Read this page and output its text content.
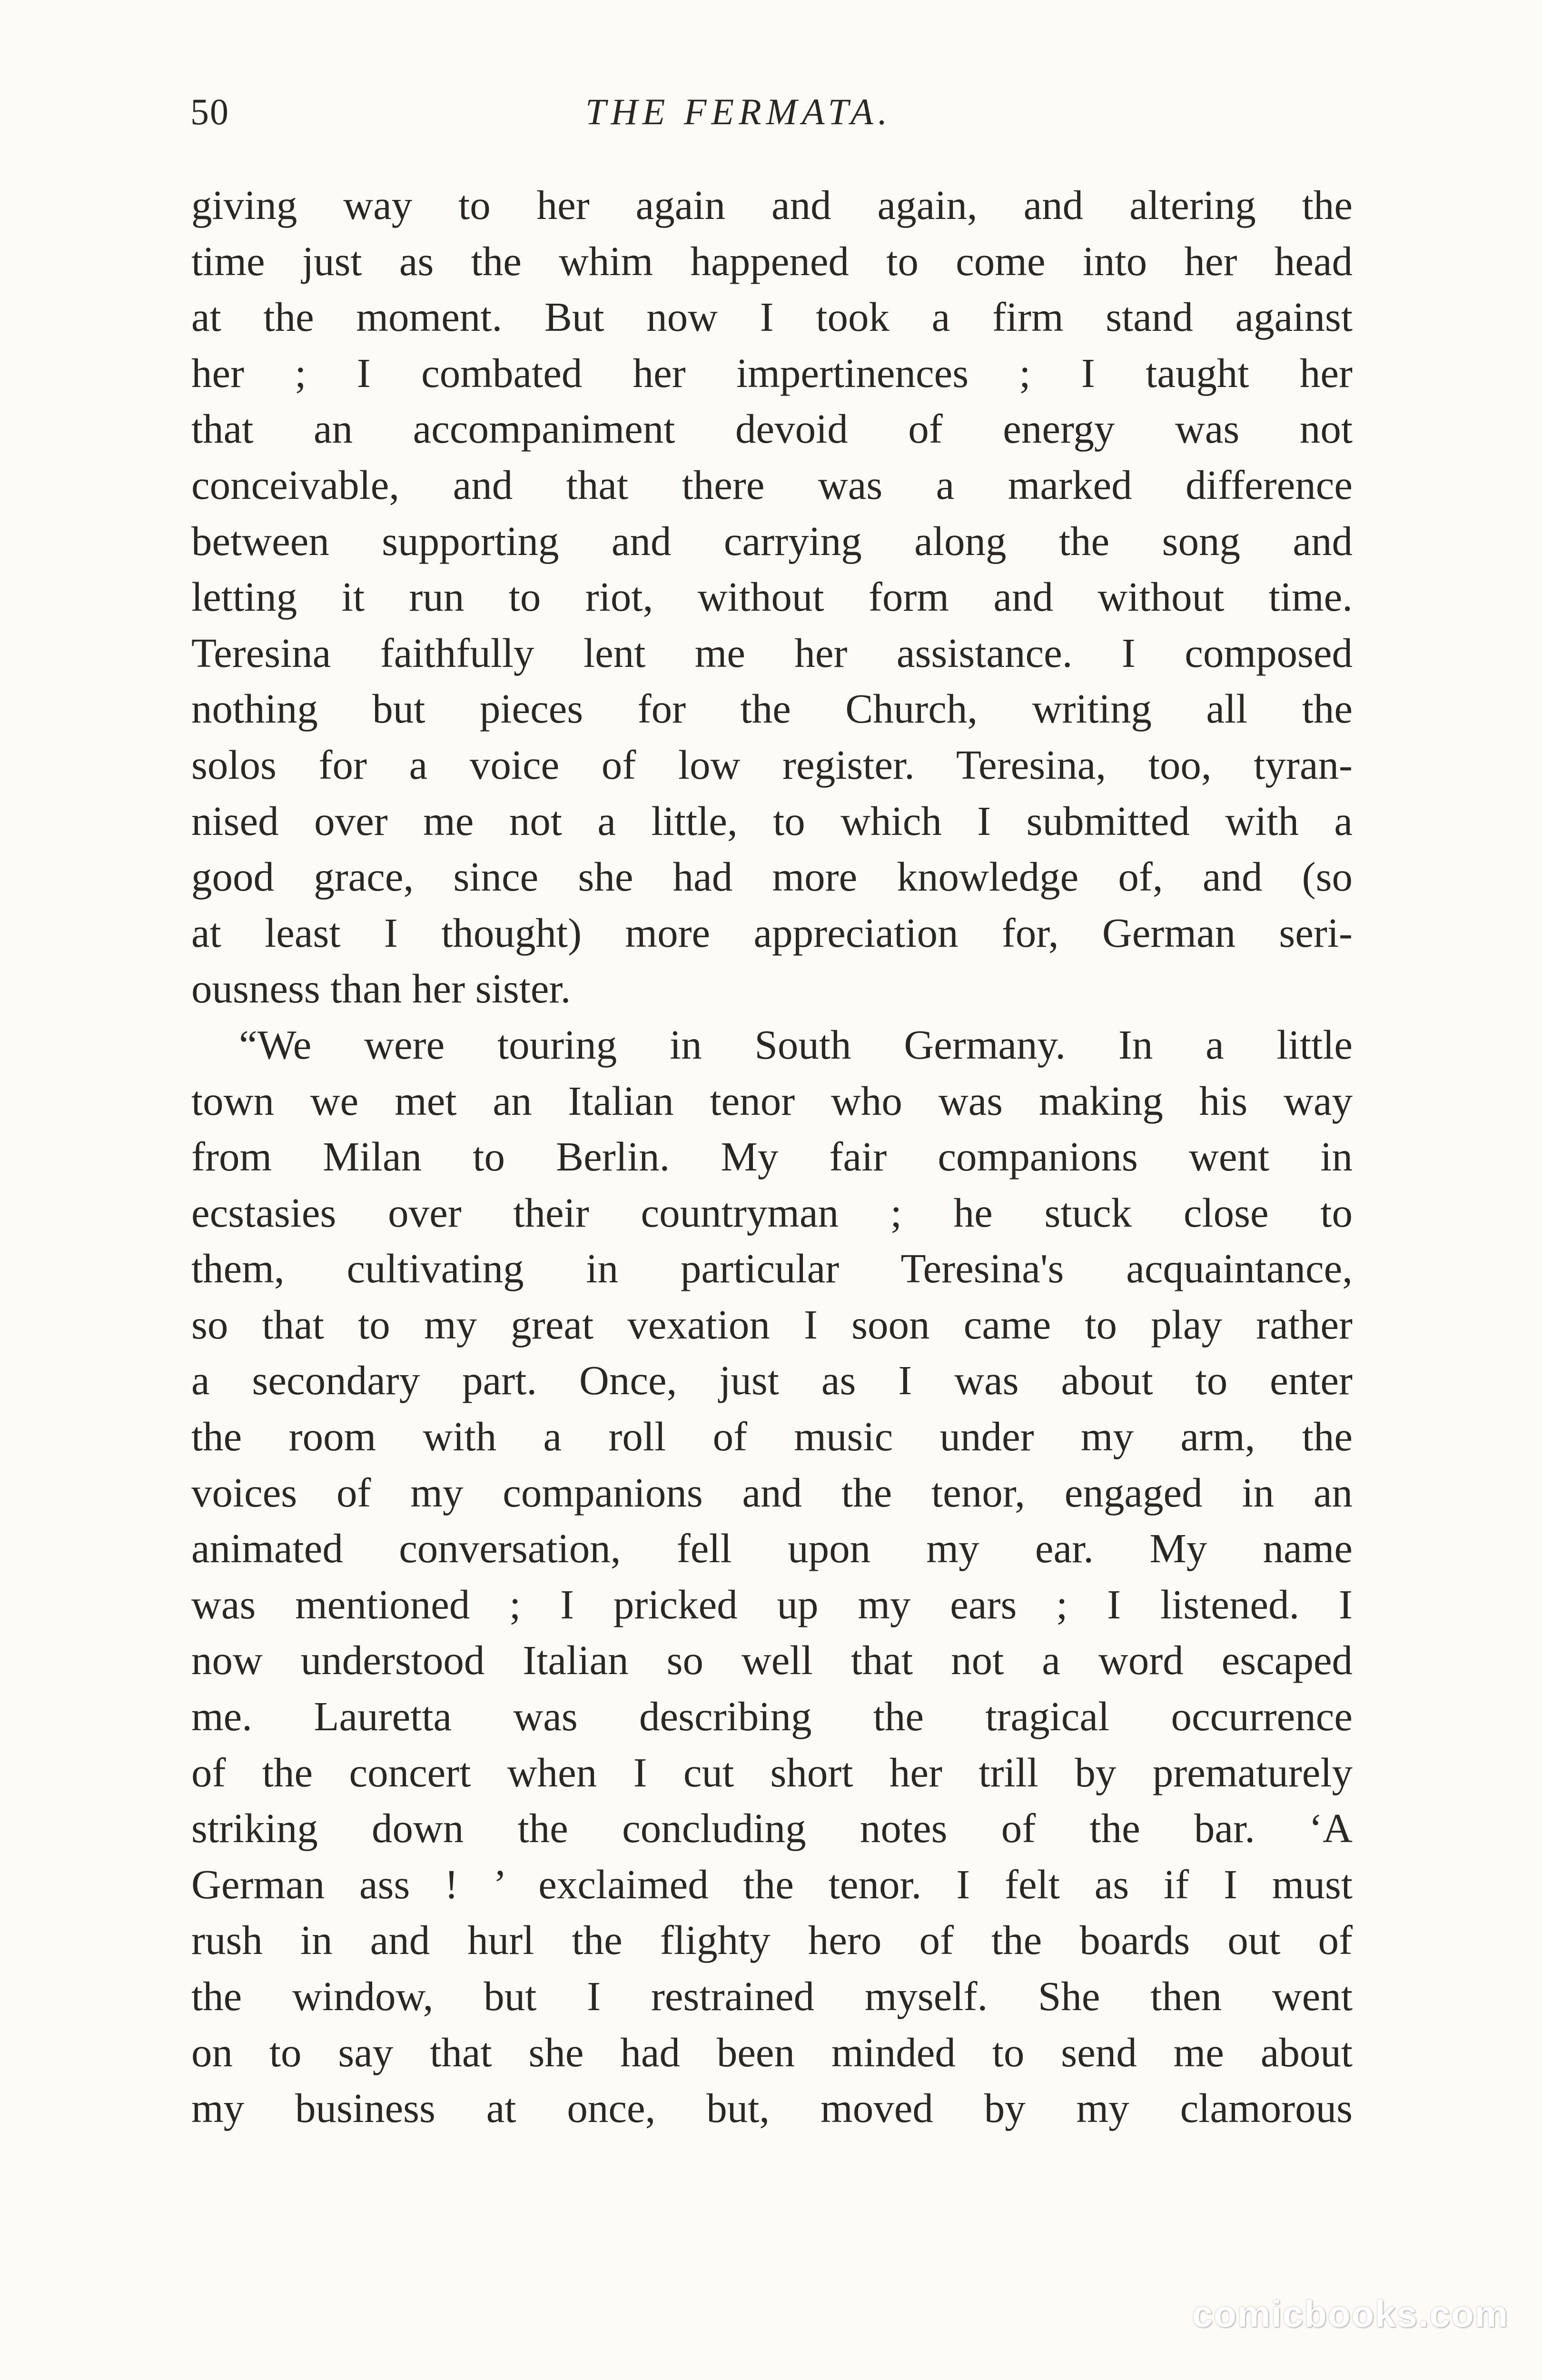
50	THE FERMATA.
giving way to her again and again, and altering the
time just as the whim happened to come into her head
at the moment. But now I took a firm stand against
her ; I combated her impertinences ; I taught her
that an accompaniment devoid of energy was not
conceivable, and that there was a marked difference
between supporting and carrying along the song and
letting it run to riot, without form and without time.
Teresina faithfully lent me her assistance. I composed
nothing but pieces for the Church, writing all the
solos for a voice of low register. Teresina, too, tyran-
nised over me not a little, to which I submitted with a
good grace, since she had more knowledge of, and (so
at least I thought) more appreciation for, German seri-
ousness than her sister.
“We were touring in South Germany. In a little
town we met an Italian tenor who was making his way
from Milan to Berlin. My fair companions went in
ecstasies over their countryman ; he stuck close to
them, cultivating in particular Teresina's acquaintance,
so that to my great vexation I soon came to play rather
a secondary part. Once, just as I was about to enter
the room with a roll of music under my arm, the
voices of my companions and the tenor, engaged in an
animated conversation, fell upon my ear. My name
was mentioned ; I pricked up my ears ; I listened. I
now understood Italian so well that not a word escaped
me. Lauretta was describing the tragical occurrence
of the concert when I cut short her trill by prematurely
striking down the concluding notes of the bar. ‘A
German ass ! ’ exclaimed the tenor. I felt as if I must
rush in and hurl the flighty hero of the boards out of
the window, but I restrained myself. She then went
on to say that she had been minded to send me about
my business at once, but, moved by my clamorous
comicbooks.com
